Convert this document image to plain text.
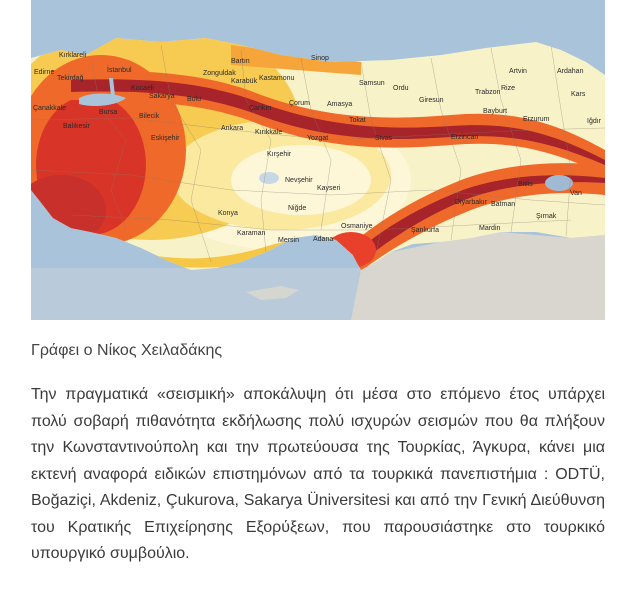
Kırklareli
Edirne
Tekirdağ
İstanbul
Kocaeli
Sakarya
Zonguldak
Bartın
Karabük Kastamonu
Sinop
Samsun
Ordu
Giresun
Trabzon
Rize
Artvin	Ardahan
Kars
Iğdır
Bayburt
Erzurum
Erzincan
Tokat
Amasya
Çorum
Çankırı
Bolu
Bilecik
Bursa
Çanakkale
Balıkesir
Eskişehir
Ankara
Kırıkkale
Yozgat	Sivas
Kırşehir
Nevşehir
Kayseri
Niğde
Konya
Karaman
Mersin Adana
Osmaniye
Şanlıurfa	Mardin
Diyarbakır Batman
Bitlis
Van
Şırnak
Γράφει ο Νίκος Χειλαδάκης

Την πραγματικά «σεισμική» αποκάλυψη ότι μέσα στο επόμενο έτος υπάρχει πολύ σοβαρή πιθανότητα εκδήλωσης πολύ ισχυρών σεισμών που θα πλήξουν την Κωνσταντινούπολη και την πρωτεύουσα της Τουρκίας, Άγκυρα, κάνει μια εκτενή αναφορά ειδικών επιστημόνων από τα τουρκικά πανεπιστήμια : ODTÜ, Boğaziçi, Akdeniz, Çukurova, Sakarya Üniversitesi και από την Γενική Διεύθυνση του Κρατικής Επιχείρησης Εξορύξεων, που παρουσιάστηκε στο τουρκικό υπουργικό συμβούλιο.
